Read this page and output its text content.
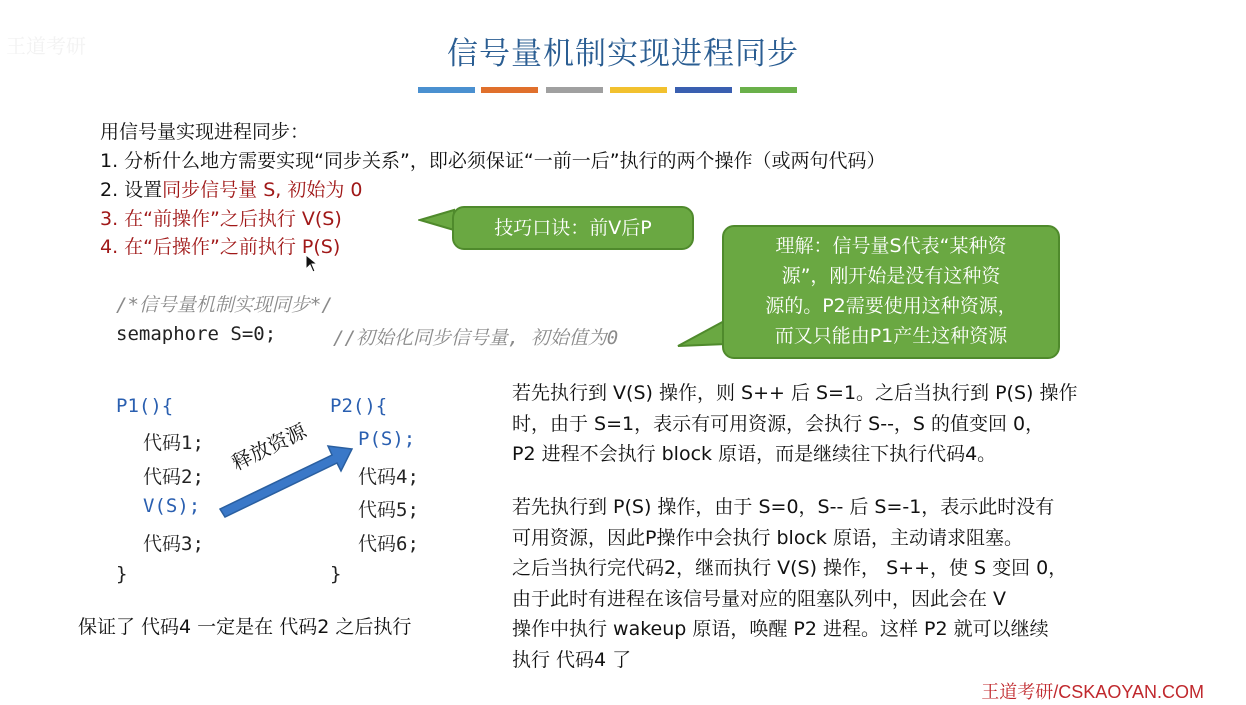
王道考研	信号量机制实现进程同步
用信号量实现进程同步：
1. 分析什么地方需要实现“同步关系”，即必须保证“一前一后”执行的两个操作（或两句代码）
2. 设置同步信号量 S, 初始为 0
3. 在“前操作”之后执行 V(S)
4. 在“后操作”之前执行 P(S)
技巧口诀：前V后P
理解：信号量S代表“某种资
源”，刚开始是没有这种资
源的。P2需要使用这种资源，
而又只能由P1产生这种资源
/*信号量机制实现同步*/
semaphore S=0;	//初始化同步信号量, 初始值为0
P1(){
代码1;
代码2;
V(S);
代码3;
}
P2(){
P(S);
代码4;
代码5;
代码6;
}
释放资源
保证了 代码4 一定是在 代码2 之后执行
若先执行到 V(S) 操作，则 S++ 后 S=1。之后当执行到 P(S) 操作
时，由于 S=1，表示有可用资源，会执行 S--，S 的值变回 0，
P2 进程不会执行 block 原语，而是继续往下执行代码4。
若先执行到 P(S) 操作，由于 S=0，S-- 后 S=-1，表示此时没有
可用资源，因此P操作中会执行 block 原语，主动请求阻塞。
之后当执行完代码2，继而执行 V(S) 操作， S++，使 S 变回 0，
由于此时有进程在该信号量对应的阻塞队列中，因此会在 V
操作中执行 wakeup 原语，唤醒 P2 进程。这样 P2 就可以继续
执行 代码4 了
王道考研/CSKAOYAN.COM
